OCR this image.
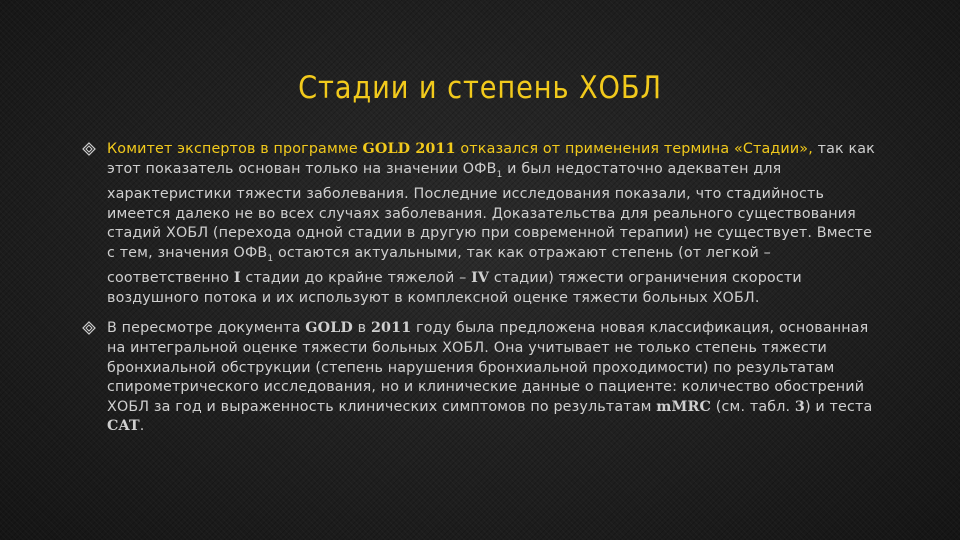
Стадии и степень ХОБЛ
Комитет экспертов в программе GOLD 2011 отказался от применения термина «Стадии», так как этот показатель основан только на значении $ОФВ_1$ и был недостаточно адекватен для характеристики тяжести заболевания. Последние исследования показали, что стадийность имеется далеко не во всех случаях заболевания. Доказательства для реального существования стадий ХОБЛ (перехода одной стадии в другую при современной терапии) не существует. Вместе с тем, значения $ОФВ_1$ остаются актуальными, так как отражают степень (от легкой – соответственно I стадии до крайне тяжелой – IV стадии) тяжести ограничения скорости воздушного потока и их используют в комплексной оценке тяжести больных ХОБЛ.
В пересмотре документа GOLD в 2011 году была предложена новая классификация, основанная на интегральной оценке тяжести больных ХОБЛ. Она учитывает не только степень тяжести бронхиальной обструкции (степень нарушения бронхиальной проходимости) по результатам спирометрического исследования, но и клинические данные о пациенте: количество обострений ХОБЛ за год и выраженность клинических симптомов по результатам mMRC (см. табл. 3) и теста CAT.
